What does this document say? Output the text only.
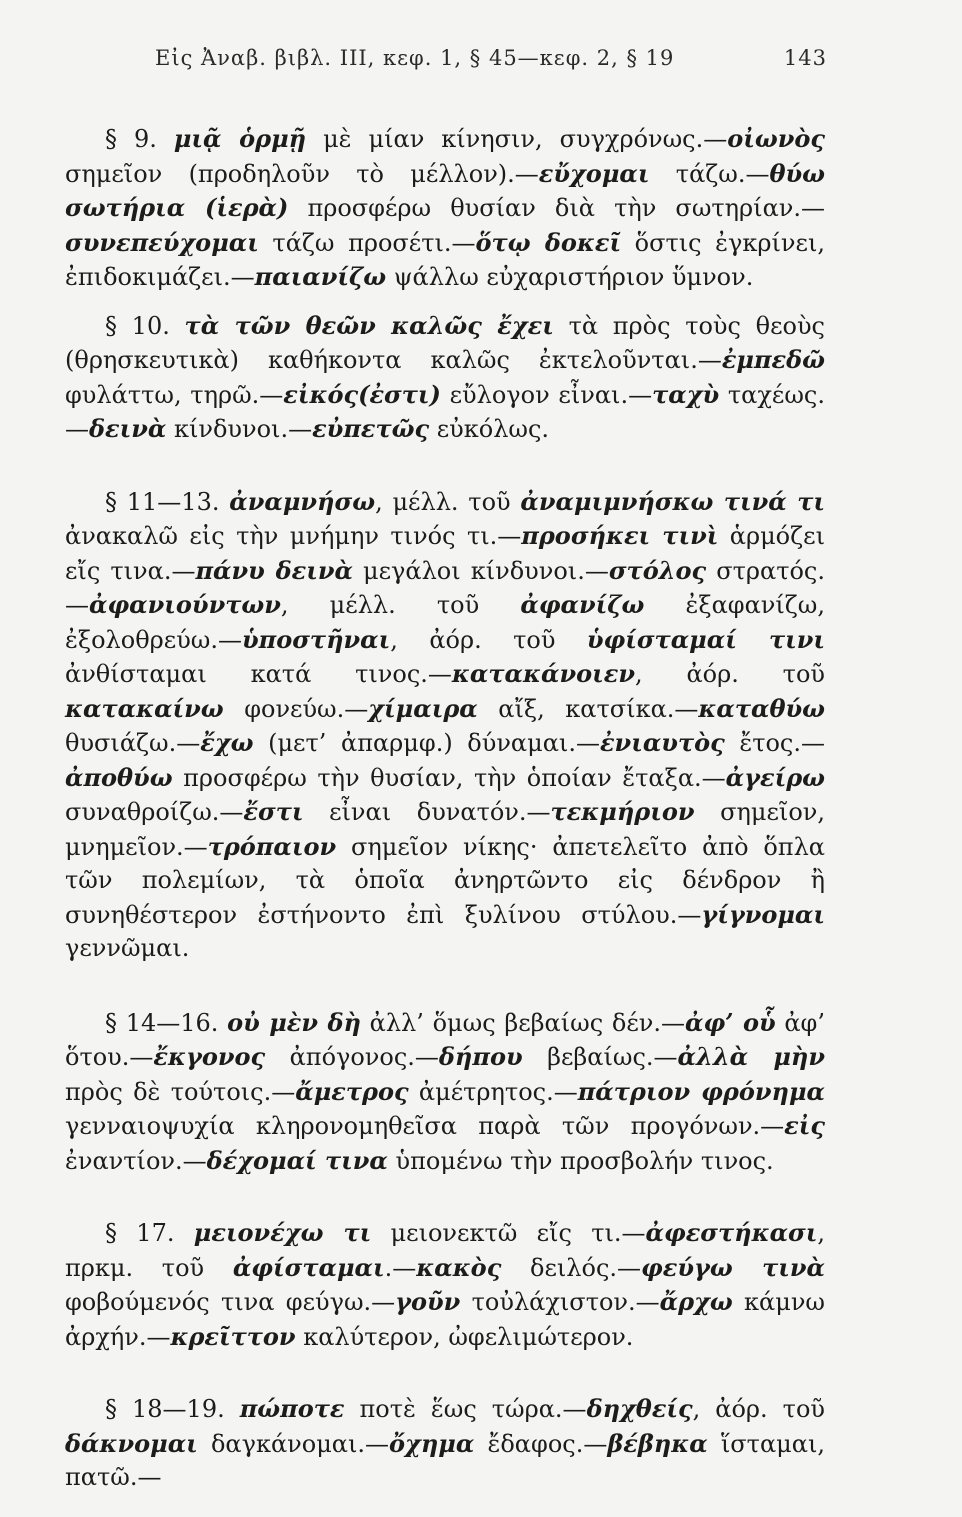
Εἰς Ἀναβ. βιβλ. III, κεφ. 1, § 45—κεφ. 2, § 19	143

§ 9. μιᾷ ὁρμῇ μὲ μίαν κίνησιν, συγχρόνως.—οἰωνὸς σημεῖον (προδηλοῦν τὸ μέλλον).—εὔχομαι τάζω.—θύω σωτήρια (ἱερὰ) προσφέρω θυσίαν διὰ τὴν σωτηρίαν.—συνεπεύχομαι τάζω προσέτι.—ὅτῳ δοκεῖ ὅστις ἐγκρίνει, ἐπιδοκιμάζει.—παιανίζω ψάλλω εὐχαριστήριον ὕμνον.

§ 10. τὰ τῶν θεῶν καλῶς ἔχει τὰ πρὸς τοὺς θεοὺς (θρησκευτικὰ) καθήκοντα καλῶς ἐκτελοῦνται.—ἐμπεδῶ φυλάττω, τηρῶ.—εἰκός(ἐστι) εὔλογον εἶναι.—ταχὺ ταχέως.—δεινὰ κίνδυνοι.—εὐπετῶς εὐκόλως.

§ 11—13. ἀναμνήσω, μέλλ. τοῦ ἀναμιμνήσκω τινά τι ἀνακαλῶ εἰς τὴν μνήμην τινός τι.—προσήκει τινὶ ἁρμόζει εἴς τινα.—πάνυ δεινὰ μεγάλοι κίνδυνοι.—στόλος στρατός.—ἀφανιούντων, μέλλ. τοῦ ἀφανίζω ἐξαφανίζω, ἐξολοθρεύω.—ὑποστῆναι, ἀόρ. τοῦ ὑφίσταμαί τινι ἀνθίσταμαι κατά τινος.—κατακάνοιεν, ἀόρ. τοῦ κατακαίνω φονεύω.—χίμαιρα αἴξ, κατσίκα.—καταθύω θυσιάζω.—ἔχω (μετ’ ἀπαρμφ.) δύναμαι.—ἐνιαυτὸς ἔτος.—ἀποθύω προσφέρω τὴν θυσίαν, τὴν ὁποίαν ἔταξα.—ἀγείρω συναθροίζω.—ἔστι εἶναι δυνατόν.—τεκμήριον σημεῖον, μνημεῖον.—τρόπαιον σημεῖον νίκης· ἀπετελεῖτο ἀπὸ ὅπλα τῶν πολεμίων, τὰ ὁποῖα ἀνηρτῶντο εἰς δένδρον ἢ συνηθέστερον ἐστήνοντο ἐπὶ ξυλίνου στύλου.—γίγνομαι γεννῶμαι.

§ 14—16. οὐ μὲν δὴ ἀλλ’ ὅμως βεβαίως δέν.—ἀφ’ οὗ ἀφ’ ὅτου.—ἔκγονος ἀπόγονος.—δήπου βεβαίως.—ἀλλὰ μὴν πρὸς δὲ τούτοις.—ἄμετρος ἀμέτρητος.—πάτριον φρόνημα γενναιοψυχία κληρονομηθεῖσα παρὰ τῶν προγόνων.—εἰς ἐναντίον.—δέχομαί τινα ὑπομένω τὴν προσβολήν τινος.

§ 17. μειονέχω τι μειονεκτῶ εἴς τι.—ἀφεστήκασι, πρκμ. τοῦ ἀφίσταμαι.—κακὸς δειλός.—φεύγω τινὰ φοβούμενός τινα φεύγω.—γοῦν τοὐλάχιστον.—ἄρχω κάμνω ἀρχήν.—κρεῖττον καλύτερον, ὠφελιμώτερον.

§ 18—19. πώποτε ποτὲ ἕως τώρα.—δηχθείς, ἀόρ. τοῦ δάκνομαι δαγκάνομαι.—ὄχημα ἔδαφος.—βέβηκα ἵσταμαι, πατῶ.—
